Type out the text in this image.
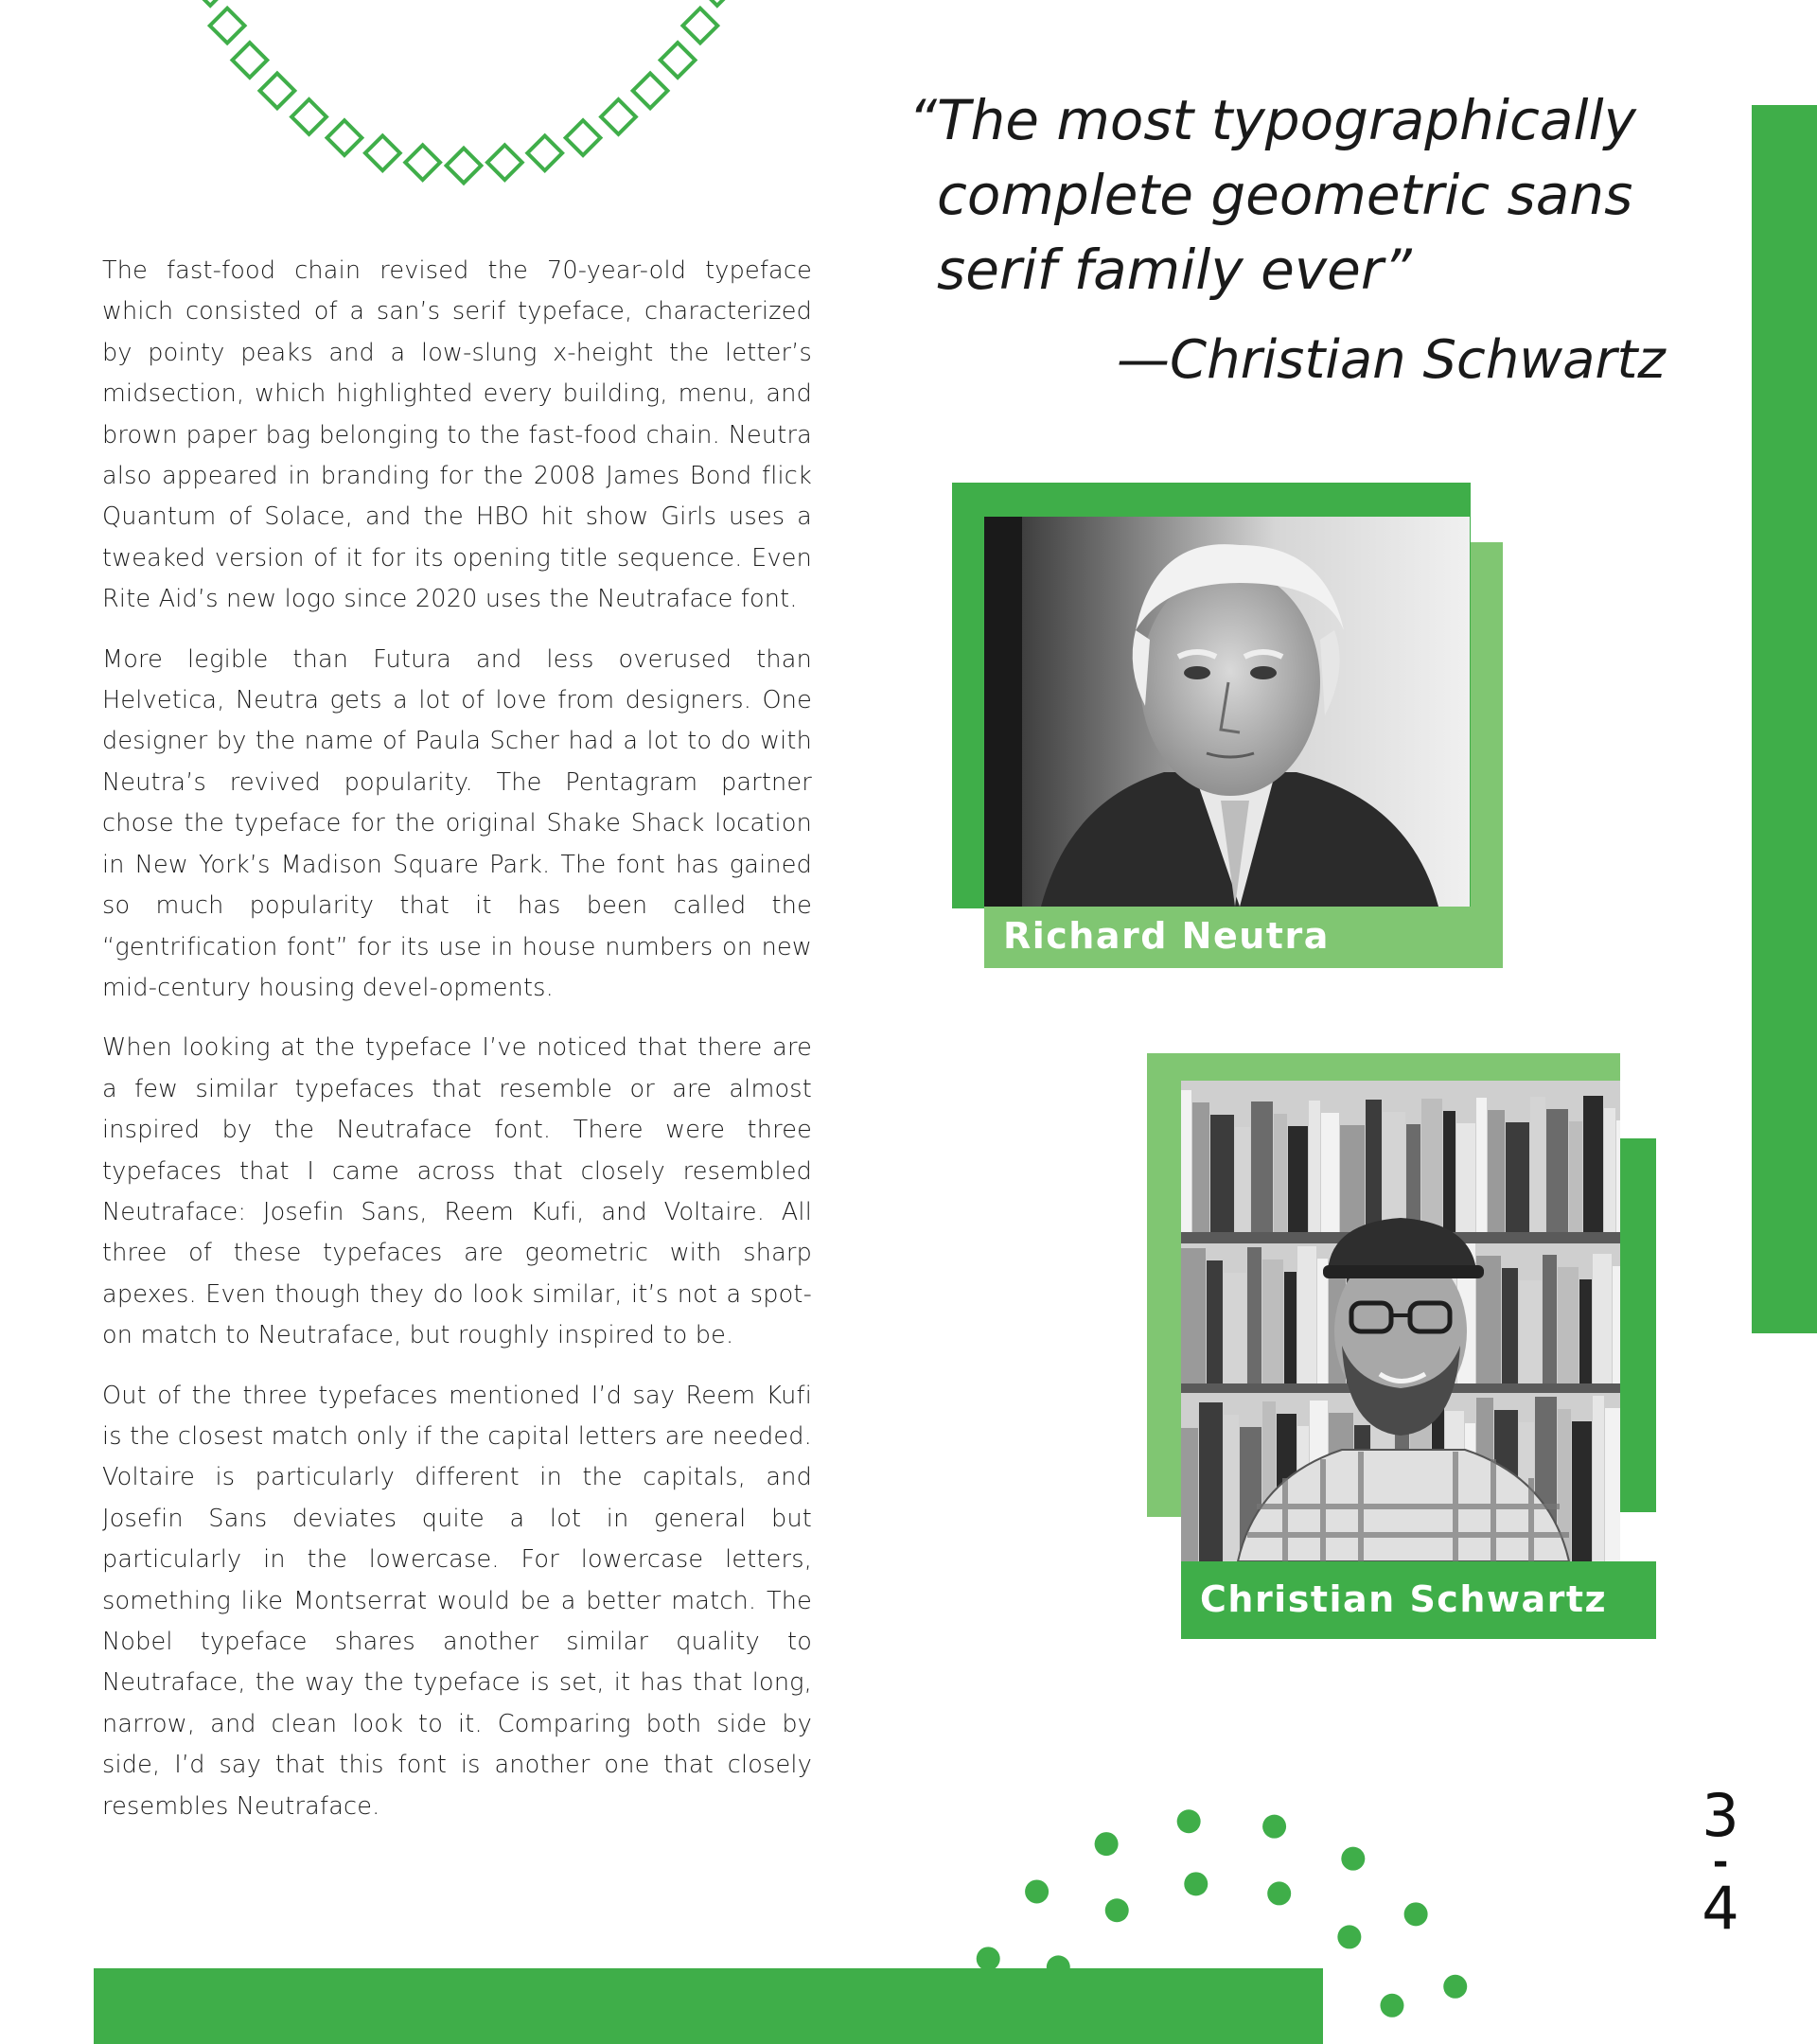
The fast-food chain revised the 70-year-old typeface which consisted of a san’s serif typeface, characterized by pointy peaks and a low-slung x-height the letter’s midsection, which highlighted every building, menu, and brown paper bag belonging to the fast-food chain. Neutra also appeared in branding for the 2008 James Bond flick Quantum of Solace, and the HBO hit show Girls uses a tweaked version of it for its opening title sequence. Even Rite Aid’s new logo since 2020 uses the Neutraface font.

More legible than Futura and less overused than Helvetica, Neutra gets a lot of love from designers. One designer by the name of Paula Scher had a lot to do with Neutra’s revived popularity. The Pentagram partner chose the typeface for the original Shake Shack location in New York’s Madison Square Park. The font has gained so much popularity that it has been called the “gentrification font” for its use in house numbers on new mid-century housing devel-opments.

When looking at the typeface I’ve noticed that there are a few similar typefaces that resemble or are almost inspired by the Neutraface font. There were three typefaces that I came across that closely resembled Neutraface: Josefin Sans, Reem Kufi, and Voltaire. All three of these typefaces are geometric with sharp apexes. Even though they do look similar, it’s not a spot-on match to Neutraface, but roughly inspired to be.

Out of the three typefaces mentioned I’d say Reem Kufi is the closest match only if the capital letters are needed. Voltaire is particularly different in the capitals, and Josefin Sans deviates quite a lot in general but particularly in the lowercase. For lowercase letters, something like Montserrat would be a better match. The Nobel typeface shares another similar quality to Neutraface, the way the typeface is set, it has that long, narrow, and clean look to it. Comparing both side by side, I’d say that this font is another one that closely resembles Neutraface.

“The most typographically
complete geometric sans
serif family ever”
—Christian Schwartz
Richard Neutra
Christian Schwartz
3
-
4
